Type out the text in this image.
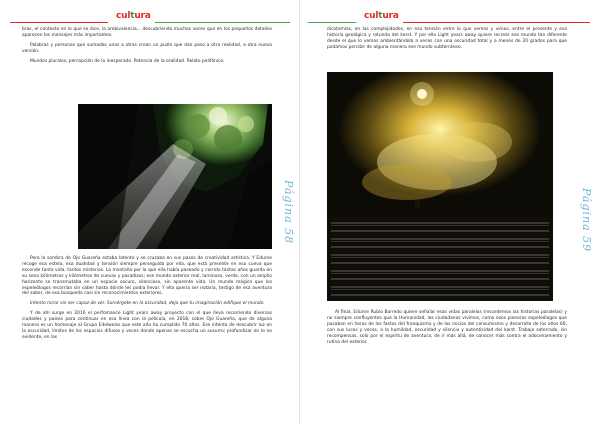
cultura

bras, el contexto en lo que se dice, la ambivalencia... descubriendo muchas veces que en los pequeños detalles aparecen los mensajes más importantes.

Palabras y personas que sumadas unas a otras crean un puzle que dan paso a otra realidad, a otra nueva versión.

Mundos plurales, percepción de lo inesperado. Potencia de la oralidad. Relato polifónico.

Página 58

Pero la sombra de Ojo Guareña estaba latente y se cruzaba en sus pasos de creatividad artística. Y Edurne recoge esa estela, esa dualidad y tensión siempre perseguida por ella, que está presente en esa cueva que esconde tanta vida, tantos misterios. La montaña por la que ella había paseado y corrido tantas años guarda en su seno kilómetros y kilómetros de cuevas y pasadizos; ese mundo exterior real, luminoso, verde, con un amplio horizonte se transmutaba en un espacio oscuro, silencioso, sin aparente vida. Un mundo mágico que los espeleólogos recorrían sin saber hasta dónde les podía llevar. Y ella quería ser notaria, testigo de esa aventura del saber, de esa búsqueda casi sin reconocimientos exteriores.

Intento mirar sin ser capaz de ver. Sumérgete en la oscuridad, deja que tu imaginación edifique el mundo.

Y de ahí surge en 2016 el perfomance Light years away proyecto con el que lleva recorriendo diversas ciudades y países para continuar en esa línea con la película, en 2018, sobre Ojo Guareña, que de alguna manera es un homenaje al Grupo Edelweiss que este año ha cumplido 70 años. Ese intento de descubrir luz en la oscuridad, límites de los espacios difusos y voces donde apenas se escucha un susurro; profundizar en lo no evidente, en las

cultura

dicotomías, en las complejidades, en esa tensión entre lo que vemos y vimos, entre el presente y esa historia geológica y rotunda del karst. Y por ello Light years away quiere recrear ese mundo tan diferente desde el que lo vemos ambientándola a veces con una oscuridad total y a menos de 20 grados para que podamos percibir de alguna manera ese mundo subterráneo.

Página 59

Al final, Edurne Rubio Barredo quiere señalar esas vidas paralelas (recordemos las historias paralelas) y no siempre confluyentes que la Humanidad, los ciudadanos vivimos, como esos pioneros espeleólogos que pasaban en horas de los fastos del franquismo y de los inicios del consumismo y desarrollo de los años 60, con sus luces y voces, a la humildad, oscuridad y silencio y autenticidad del karst. Trabajo soterrado, sin recompensas, solo por el espíritu de aventura, de ir más allá, de conocer más contra el adocenamiento y rutina del exterior.
